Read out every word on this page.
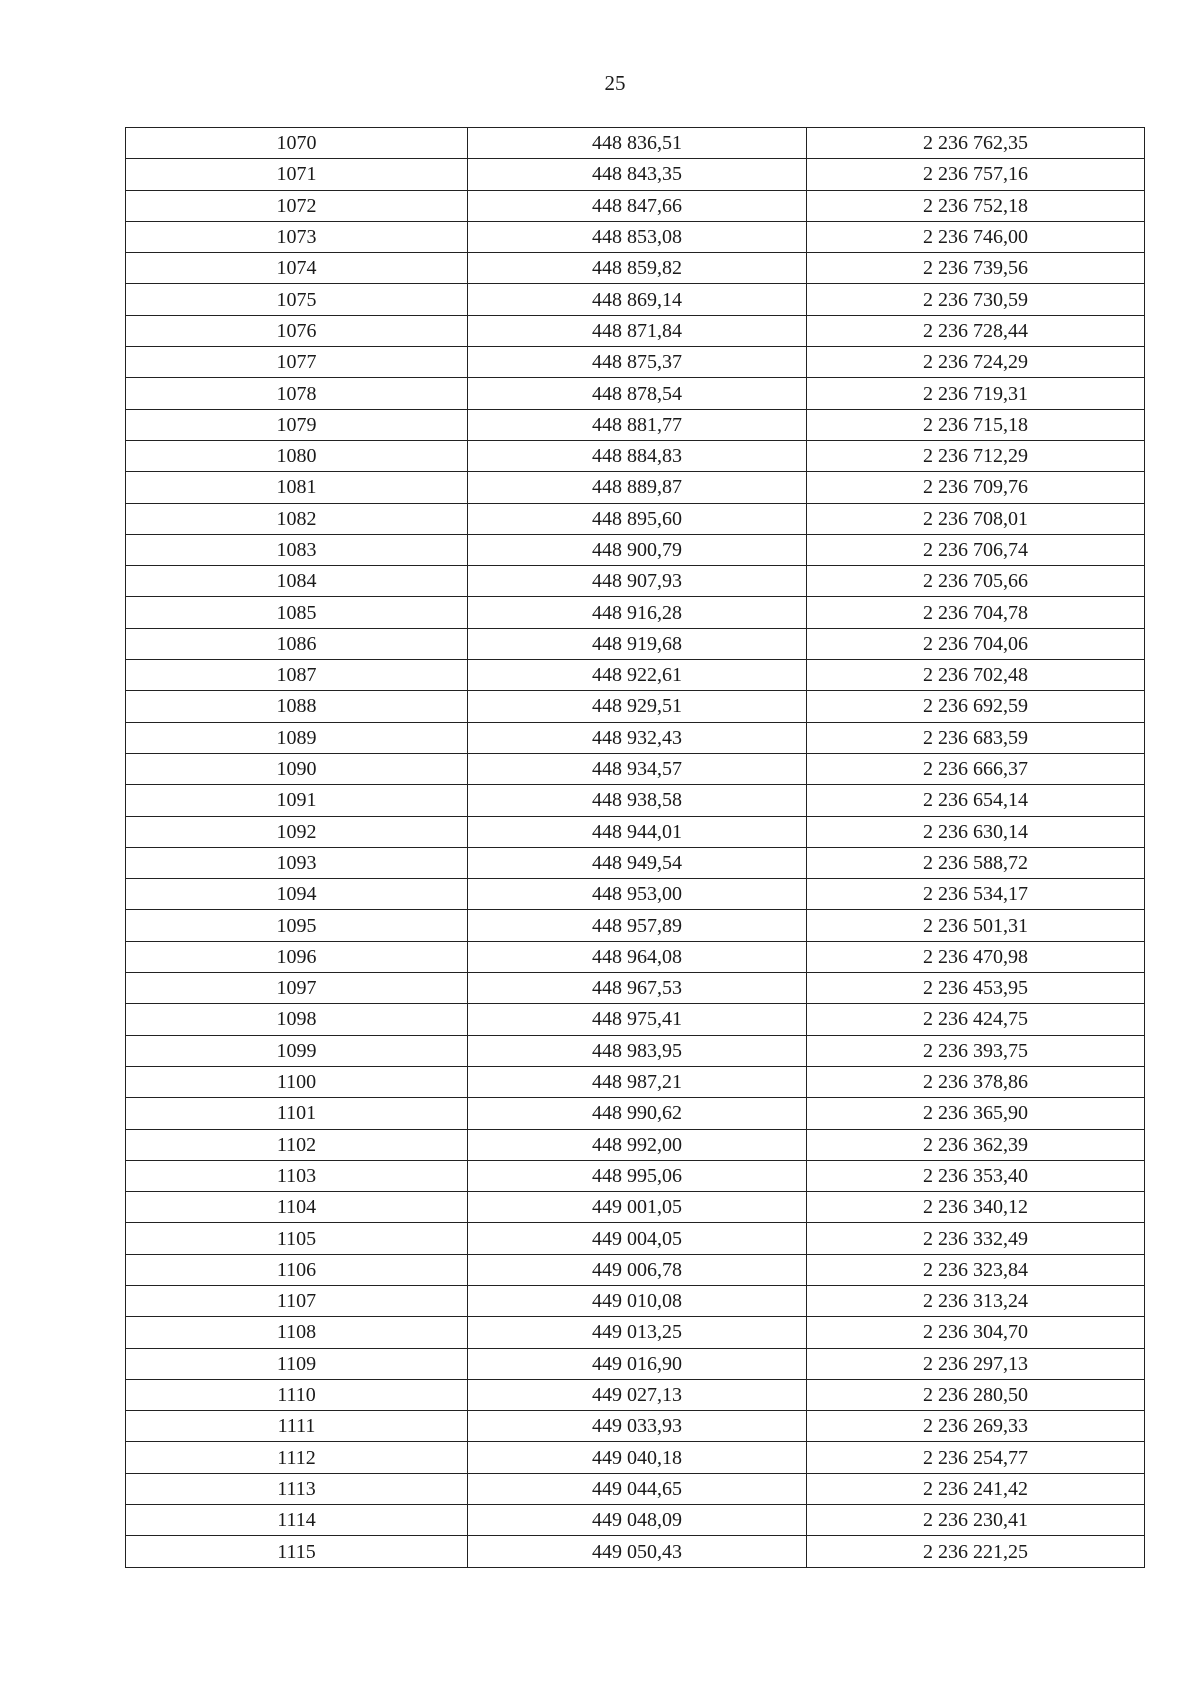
25
1070	448 836,51	2 236 762,35
1071	448 843,35	2 236 757,16
1072	448 847,66	2 236 752,18
1073	448 853,08	2 236 746,00
1074	448 859,82	2 236 739,56
1075	448 869,14	2 236 730,59
1076	448 871,84	2 236 728,44
1077	448 875,37	2 236 724,29
1078	448 878,54	2 236 719,31
1079	448 881,77	2 236 715,18
1080	448 884,83	2 236 712,29
1081	448 889,87	2 236 709,76
1082	448 895,60	2 236 708,01
1083	448 900,79	2 236 706,74
1084	448 907,93	2 236 705,66
1085	448 916,28	2 236 704,78
1086	448 919,68	2 236 704,06
1087	448 922,61	2 236 702,48
1088	448 929,51	2 236 692,59
1089	448 932,43	2 236 683,59
1090	448 934,57	2 236 666,37
1091	448 938,58	2 236 654,14
1092	448 944,01	2 236 630,14
1093	448 949,54	2 236 588,72
1094	448 953,00	2 236 534,17
1095	448 957,89	2 236 501,31
1096	448 964,08	2 236 470,98
1097	448 967,53	2 236 453,95
1098	448 975,41	2 236 424,75
1099	448 983,95	2 236 393,75
1100	448 987,21	2 236 378,86
1101	448 990,62	2 236 365,90
1102	448 992,00	2 236 362,39
1103	448 995,06	2 236 353,40
1104	449 001,05	2 236 340,12
1105	449 004,05	2 236 332,49
1106	449 006,78	2 236 323,84
1107	449 010,08	2 236 313,24
1108	449 013,25	2 236 304,70
1109	449 016,90	2 236 297,13
1110	449 027,13	2 236 280,50
1111	449 033,93	2 236 269,33
1112	449 040,18	2 236 254,77
1113	449 044,65	2 236 241,42
1114	449 048,09	2 236 230,41
1115	449 050,43	2 236 221,25
